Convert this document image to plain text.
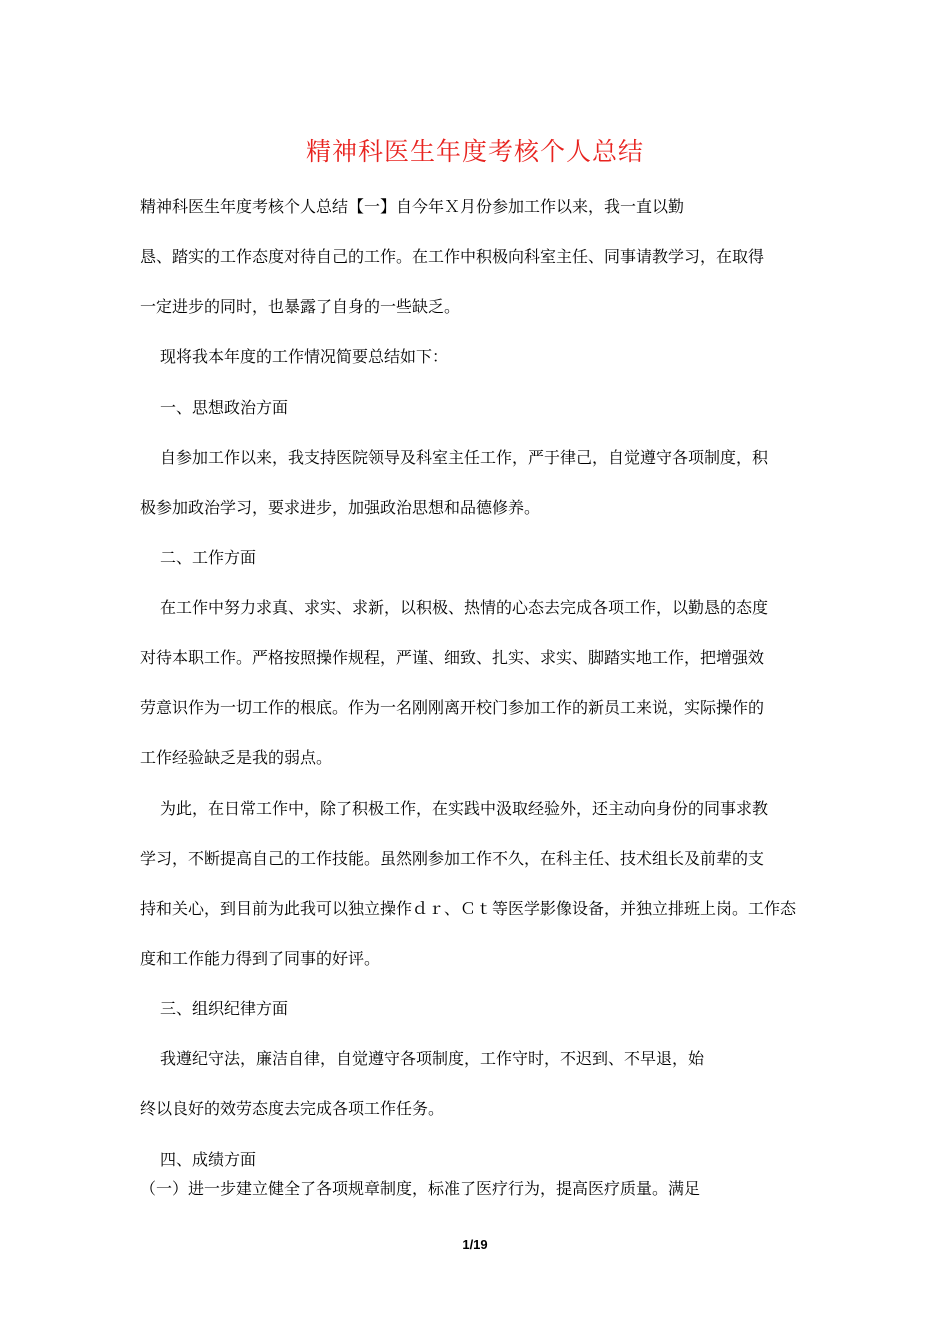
精神科医生年度考核个人总结
精神科医生年度考核个人总结【一】自今年Ｘ月份参加工作以来，我一直以勤
恳、踏实的工作态度对待自己的工作。在工作中积极向科室主任、同事请教学习，在取得
一定进步的同时，也暴露了自身的一些缺乏。
现将我本年度的工作情况简要总结如下：
一、思想政治方面
自参加工作以来，我支持医院领导及科室主任工作，严于律己，自觉遵守各项制度，积
极参加政治学习，要求进步，加强政治思想和品德修养。
二、工作方面
在工作中努力求真、求实、求新，以积极、热情的心态去完成各项工作，以勤恳的态度
对待本职工作。严格按照操作规程，严谨、细致、扎实、求实、脚踏实地工作，把增强效
劳意识作为一切工作的根底。作为一名刚刚离开校门参加工作的新员工来说，实际操作的
工作经验缺乏是我的弱点。
为此，在日常工作中，除了积极工作，在实践中汲取经验外，还主动向身份的同事求教
学习，不断提高自己的工作技能。虽然刚参加工作不久，在科主任、技术组长及前辈的支
持和关心，到目前为此我可以独立操作ｄｒ、Ｃｔ等医学影像设备，并独立排班上岗。工作态
度和工作能力得到了同事的好评。
三、组织纪律方面
我遵纪守法，廉洁自律，自觉遵守各项制度，工作守时，不迟到、不早退，始
终以良好的效劳态度去完成各项工作任务。
四、成绩方面
（一）进一步建立健全了各项规章制度，标准了医疗行为，提高医疗质量。满足
1/19
